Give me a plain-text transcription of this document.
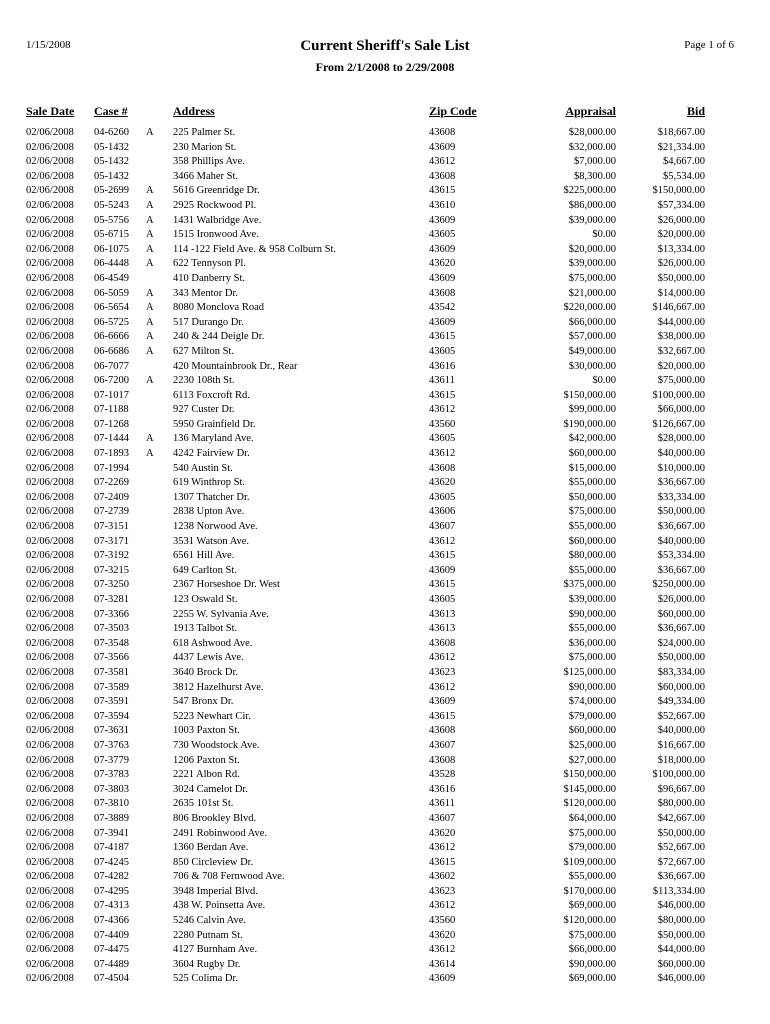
1/15/2008	Current Sheriff's Sale List
From 2/1/2008 to 2/29/2008
Page 1 of 6
Sale Date Case #	Address	Zip Code	Appraisal	Bid
02/06/2008 04-6260 A 225 Palmer St.	43608	$28,000.00	$18,667.00
02/06/2008 05-1432	230 Marion St.	43609	$32,000.00	$21,334.00
02/06/2008 05-1432	358 Phillips Ave.	43612	$7,000.00	$4,667.00
02/06/2008 05-1432	3466 Maher St.	43608	$8,300.00	$5,534.00
02/06/2008 05-2699 A 5616 Greenridge Dr.	43615	$225,000.00	$150,000.00
02/06/2008 05-5243 A 2925 Rockwood Pl.	43610	$86,000.00	$57,334.00
02/06/2008 05-5756 A 1431 Walbridge Ave.	43609	$39,000.00	$26,000.00
02/06/2008 05-6715 A 1515 Ironwood Ave.	43605	$0.00	$20,000.00
02/06/2008 06-1075 A 114 -122 Field Ave. & 958 Colburn St.	43609	$20,000.00	$13,334.00
02/06/2008 06-4448 A 622 Tennyson Pl.	43620	$39,000.00	$26,000.00
02/06/2008 06-4549	410 Danberry St.	43609	$75,000.00	$50,000.00
02/06/2008 06-5059 A 343 Mentor Dr.	43608	$21,000.00	$14,000.00
02/06/2008 06-5654 A 8080 Monclova Road	43542	$220,000.00	$146,667.00
02/06/2008 06-5725 A 517 Durango Dr.	43609	$66,000.00	$44,000.00
02/06/2008 06-6666 A 240 & 244 Deigle Dr.	43615	$57,000.00	$38,000.00
02/06/2008 06-6686 A 627 Milton St.	43605	$49,000.00	$32,667.00
02/06/2008 06-7077	420 Mountainbrook Dr., Rear	43616	$30,000.00	$20,000.00
02/06/2008 06-7200 A 2230 108th St.	43611	$0.00	$75,000.00
02/06/2008 07-1017	6113 Foxcroft Rd.	43615	$150,000.00	$100,000.00
02/06/2008 07-1188	927 Custer Dr.	43612	$99,000.00	$66,000.00
02/06/2008 07-1268	5950 Grainfield Dr.	43560	$190,000.00	$126,667.00
02/06/2008 07-1444 A 136 Maryland Ave.	43605	$42,000.00	$28,000.00
02/06/2008 07-1893 A 4242 Fairview Dr.	43612	$60,000.00	$40,000.00
02/06/2008 07-1994	540 Austin St.	43608	$15,000.00	$10,000.00
02/06/2008 07-2269	619 Winthrop St.	43620	$55,000.00	$36,667.00
02/06/2008 07-2409	1307 Thatcher Dr.	43605	$50,000.00	$33,334.00
02/06/2008 07-2739	2838 Upton Ave.	43606	$75,000.00	$50,000.00
02/06/2008 07-3151	1238 Norwood Ave.	43607	$55,000.00	$36,667.00
02/06/2008 07-3171	3531 Watson Ave.	43612	$60,000.00	$40,000.00
02/06/2008 07-3192	6561 Hill Ave.	43615	$80,000.00	$53,334.00
02/06/2008 07-3215	649 Carlton St.	43609	$55,000.00	$36,667.00
02/06/2008 07-3250	2367 Horseshoe Dr. West	43615	$375,000.00	$250,000.00
02/06/2008 07-3281	123 Oswald St.	43605	$39,000.00	$26,000.00
02/06/2008 07-3366	2255 W. Sylvania Ave.	43613	$90,000.00	$60,000.00
02/06/2008 07-3503	1913 Talbot St.	43613	$55,000.00	$36,667.00
02/06/2008 07-3548	618 Ashwood Ave.	43608	$36,000.00	$24,000.00
02/06/2008 07-3566	4437 Lewis Ave.	43612	$75,000.00	$50,000.00
02/06/2008 07-3581	3640 Brock Dr.	43623	$125,000.00	$83,334.00
02/06/2008 07-3589	3812 Hazelhurst Ave.	43612	$90,000.00	$60,000.00
02/06/2008 07-3591	547 Bronx Dr.	43609	$74,000.00	$49,334.00
02/06/2008 07-3594	5223 Newhart Cir.	43615	$79,000.00	$52,667.00
02/06/2008 07-3631	1003 Paxton St.	43608	$60,000.00	$40,000.00
02/06/2008 07-3763	730 Woodstock Ave.	43607	$25,000.00	$16,667.00
02/06/2008 07-3779	1206 Paxton St.	43608	$27,000.00	$18,000.00
02/06/2008 07-3783	2221 Albon Rd.	43528	$150,000.00	$100,000.00
02/06/2008 07-3803	3024 Camelot Dr.	43616	$145,000.00	$96,667.00
02/06/2008 07-3810	2635 101st St.	43611	$120,000.00	$80,000.00
02/06/2008 07-3889	806 Brookley Blvd.	43607	$64,000.00	$42,667.00
02/06/2008 07-3941	2491 Robinwood Ave.	43620	$75,000.00	$50,000.00
02/06/2008 07-4187	1360 Berdan Ave.	43612	$79,000.00	$52,667.00
02/06/2008 07-4245	850 Circleview Dr.	43615	$109,000.00	$72,667.00
02/06/2008 07-4282	706 & 708 Fernwood Ave.	43602	$55,000.00	$36,667.00
02/06/2008 07-4295	3948 Imperial Blvd.	43623	$170,000.00	$113,334.00
02/06/2008 07-4313	438 W. Poinsetta Ave.	43612	$69,000.00	$46,000.00
02/06/2008 07-4366	5246 Calvin Ave.	43560	$120,000.00	$80,000.00
02/06/2008 07-4409	2280 Putnam St.	43620	$75,000.00	$50,000.00
02/06/2008 07-4475	4127 Burnham Ave.	43612	$66,000.00	$44,000.00
02/06/2008 07-4489	3604 Rugby Dr.	43614	$90,000.00	$60,000.00
02/06/2008 07-4504	525 Colima Dr.	43609	$69,000.00	$46,000.00
